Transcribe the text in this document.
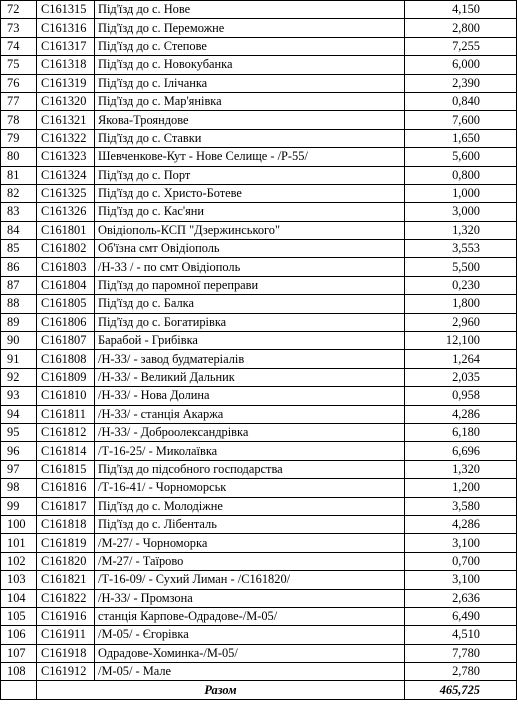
72	C161315	Під'їзд до с. Нове	4,150
73	C161316	Під'їзд до с. Переможне	2,800
74	C161317	Під'їзд до с. Степове	7,255
75	C161318	Під'їзд до с. Новокубанка	6,000
76	C161319	Під'їзд до с. Ілічанка	2,390
77	C161320	Під'їзд до с. Мар'янівка	0,840
78	C161321	Якова-Трояндове	7,600
79	C161322	Під'їзд до с. Ставки	1,650
80	C161323	Шевченкове-Кут - Нове Селище - /Р-55/	5,600
81	C161324	Під'їзд до с. Порт	0,800
82	C161325	Під'їзд до с. Христо-Ботеве	1,000
83	C161326	Під'їзд до с. Кас'яни	3,000
84	C161801	Овідіополь-КСП "Дзержинського"	1,320
85	C161802	Об'їзна смт Овідіополь	3,553
86	C161803	/Н-33 / - по смт Овідіополь	5,500
87	C161804	Під'їзд до паромної переправи	0,230
88	C161805	Під'їзд до с. Балка	1,800
89	C161806	Під'їзд до с. Богатирівка	2,960
90	C161807	Барабой - Грибівка	12,100
91	C161808	/Н-33/ - завод будматеріалів	1,264
92	C161809	/Н-33/ - Великий Дальник	2,035
93	C161810	/Н-33/ - Нова Долина	0,958
94	C161811	/Н-33/ - станція Акаржа	4,286
95	C161812	/Н-33/ - Доброолександрівка	6,180
96	C161814	/Т-16-25/ - Миколаївка	6,696
97	C161815	Під'їзд до підсобного господарства	1,320
98	C161816	/Т-16-41/ - Чорноморськ	1,200
99	C161817	Під'їзд до с. Молодіжне	3,580
100	C161818	Під'їзд до с. Лібенталь	4,286
101	C161819	/М-27/ - Чорноморка	3,100
102	C161820	/М-27/ - Таїрово	0,700
103	C161821	/Т-16-09/ - Сухий Лиман - /С161820/	3,100
104	C161822	/Н-33/ - Промзона	2,636
105	C161916	станція Карпове-Одрадове-/М-05/	6,490
106	C161911	/М-05/ - Єгорівка	4,510
107	C161918	Одрадове-Хоминка-/М-05/	7,780
108	C161912	/М-05/ - Мале	2,780
	Разом		465,725
